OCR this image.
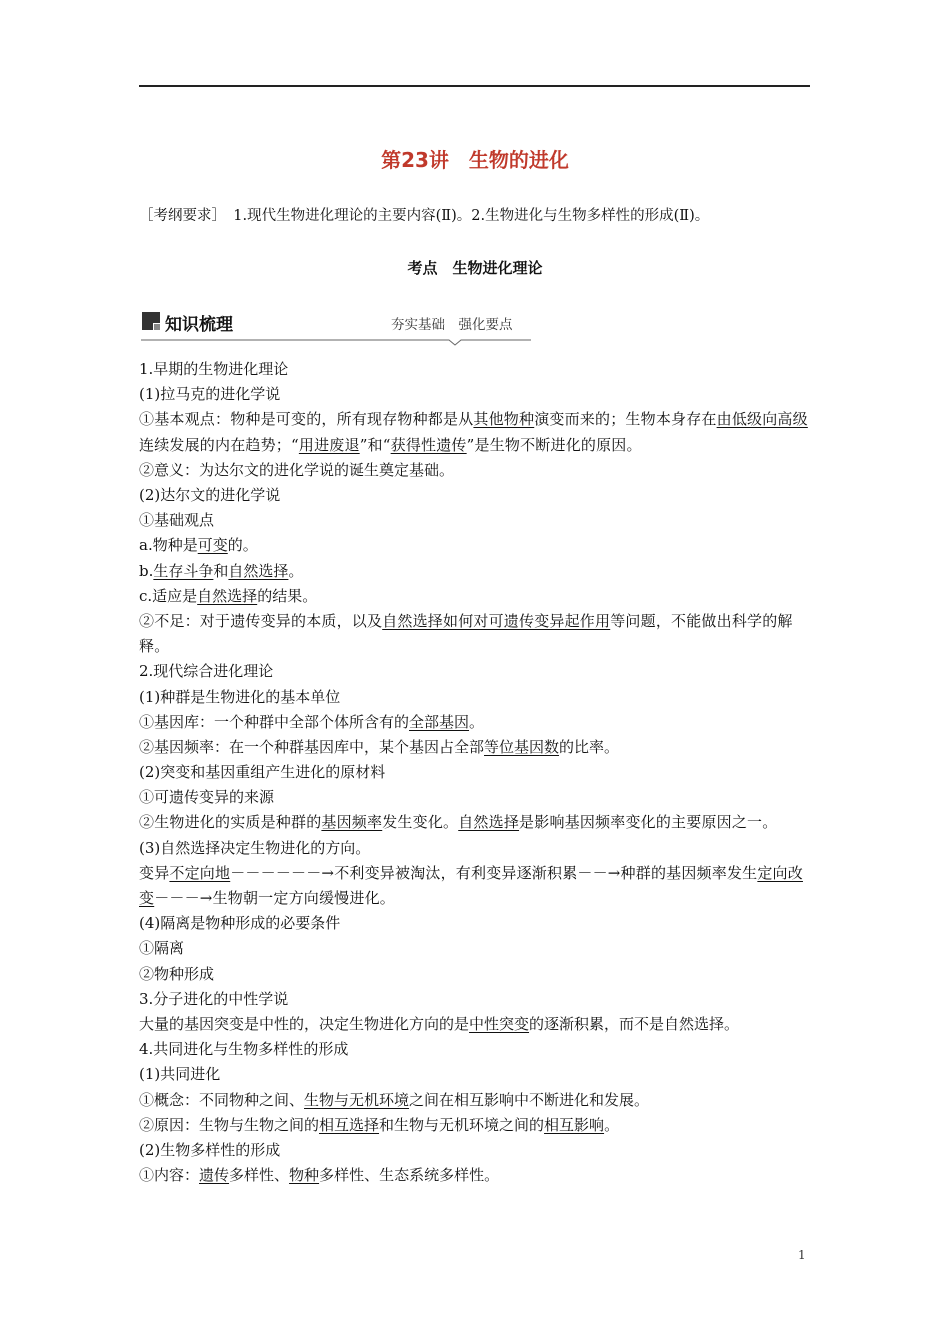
第23讲　生物的进化
［考纲要求］　1.现代生物进化理论的主要内容(Ⅱ)。2.生物进化与生物多样性的形成(Ⅱ)。
考点　生物进化理论
知识梳理	夯实基础　强化要点
1.早期的生物进化理论
(1)拉马克的进化学说
①基本观点：物种是可变的，所有现存物种都是从其他物种演变而来的；生物本身存在由低级向高级连续发展的内在趋势；“用进废退”和“获得性遗传”是生物不断进化的原因。
②意义：为达尔文的进化学说的诞生奠定基础。
(2)达尔文的进化学说
①基础观点
a.物种是可变的。
b.生存斗争和自然选择。
c.适应是自然选择的结果。
②不足：对于遗传变异的本质，以及自然选择如何对可遗传变异起作用等问题，不能做出科学的解释。
2.现代综合进化理论
(1)种群是生物进化的基本单位
①基因库：一个种群中全部个体所含有的全部基因。
②基因频率：在一个种群基因库中，某个基因占全部等位基因数的比率。
(2)突变和基因重组产生进化的原材料
①可遗传变异的来源
②生物进化的实质是种群的基因频率发生变化。自然选择是影响基因频率变化的主要原因之一。
(3)自然选择决定生物进化的方向。
变异不定向地－－－－－－→不利变异被淘汰，有利变异逐渐积累－－→种群的基因频率发生定向改变－－－→生物朝一定方向缓慢进化。
(4)隔离是物种形成的必要条件
①隔离
②物种形成
3.分子进化的中性学说
大量的基因突变是中性的，决定生物进化方向的是中性突变的逐渐积累，而不是自然选择。
4.共同进化与生物多样性的形成
(1)共同进化
①概念：不同物种之间、生物与无机环境之间在相互影响中不断进化和发展。
②原因：生物与生物之间的相互选择和生物与无机环境之间的相互影响。
(2)生物多样性的形成
①内容：遗传多样性、物种多样性、生态系统多样性。
1
